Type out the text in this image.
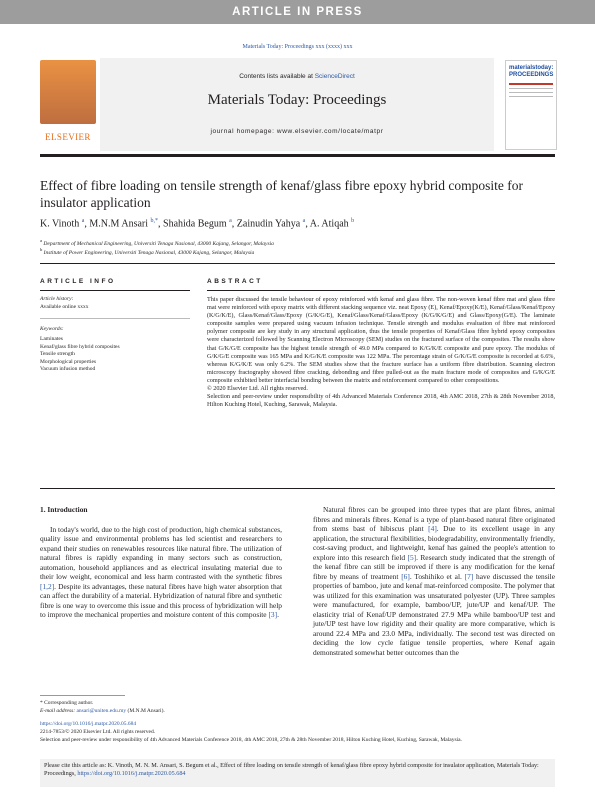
ARTICLE IN PRESS
Materials Today: Proceedings xxx (xxxx) xxx
Contents lists available at ScienceDirect
Materials Today: Proceedings
journal homepage: www.elsevier.com/locate/matpr
ELSEVIER
materialstoday: PROCEEDINGS
Effect of fibre loading on tensile strength of kenaf/glass fibre epoxy hybrid composite for insulator application
K. Vinoth $^a$, M.N.M Ansari $^{b,*}$, Shahida Begum $^a$, Zainudin Yahya $^a$, A. Atiqah $^b$
$^a$ Department of Mechanical Engineering, Universiti Tenaga Nasional, 43000 Kajang, Selangor, Malaysia
$^b$ Institute of Power Engineering, Universiti Tenaga Nasional, 43000 Kajang, Selangor, Malaysia
ARTICLE INFO	ABSTRACT
Article history:
Available online xxxx
Keywords:
Laminates
Kenaf/glass fibre hybrid composites
Tensile strength
Morphological properties
Vacuum infusion method

This paper discussed the tensile behaviour of epoxy reinforced with kenaf and glass fibre. The non-woven kenaf fibre mat and glass fibre mat were reinforced with epoxy matrix with different stacking sequence viz. neat Epoxy (E), Kenaf/Epoxy(K/E), Kenaf/Glass/Kenaf/Epoxy (K/G/K/E), Glass/Kenaf/Glass/Epoxy (G/K/G/E), Kenaf/Glass/Kenaf/Glass/Epoxy (K/G/K/G/E) and Glass/Epoxy(G/E). The laminate composite samples were prepared using vacuum infusion technique. Tensile strength and modulus evaluation of fibre mat reinforced polymer composite are key study in any structural application, thus the tensile properties of Kenaf/Glass fibre hybrid epoxy composites were characterized followed by Scanning Electron Microscopy (SEM) studies on the fractured surface of the composites. The results show that G/K/G/E composite has the highest tensile strength of 49.0 MPa compared to K/G/K/E composite and pure epoxy. The modulus of G/K/G/E composite was 165 MPa and K/G/K/E composite was 122 MPa. The percentage strain of G/K/G/E composite is recorded at 6.6%, whereas K/G/K/E was only 6.2%. The SEM studies show that the fracture surface has a uniform fibre distribution. Scanning electron microscopy fractography showed fibre cracking, debonding and fibre pulled-out as the main fracture mode of composites and G/K/G/E composite exhibited better interfacial bonding between the matrix and reinforcement compared to other compositions.

© 2020 Elsevier Ltd. All rights reserved.

Selection and peer-review under responsibility of 4th Advanced Materials Conference 2018, 4th AMC 2018, 27th & 28th November 2018, Hilton Kuching Hotel, Kuching, Sarawak, Malaysia.

1. Introduction

In today's world, due to the high cost of production, high chemical substances, quality issue and environmental problems has led scientist and researchers to expand their studies on renewables resources like natural fibre. The utilization of natural fibres is rapidly expanding in many sectors such as construction, automation, household appliances and as electrical insulating material due to their low weight, economical and less harm contrasted with the synthetic fibres [1,2]. Despite its advantages, these natural fibres have high water absorption that can affect the durability of a material. Hybridization of natural fibre and synthetic fibre is one way to overcome this issue and this process of hybridization will help to improve the mechanical properties and moisture content of this composite [3].

Natural fibres can be grouped into three types that are plant fibres, animal fibres and minerals fibres. Kenaf is a type of plant-based natural fibre originated from stems bast of hibiscus plant [4]. Due to its excellent usage in any application, the structural flexibilities, biodegradability, environmentally friendly, cost-saving product, and lightweight, kenaf has gained the people's attention to explore into this research field [5]. Research study indicated that the strength of the kenaf fibre can still be improved if there is any modification for the kenaf fibre by means of treatment [6]. Toshihiko et al. [7] have discussed the tensile properties of bamboo, jute and kenaf mat-reinforced composite. The polymer that was utilized for this examination was unsaturated polyester (UP). Three samples were manufactured, for example, bamboo/UP, jute/UP and kenaf/UP. The elasticity trial of Kenaf/UP demonstrated 27.9 MPa while bamboo/UP test and jute/UP test have low rigidity and their quality are more comparative, which is around 22.4 MPa and 23.0 MPa, individually. The second test was directed on deciding the low cycle fatigue tensile properties, where Kenaf again demonstrated somewhat better outcomes than the

* Corresponding author.
E-mail address: ansari@uniten.edu.my (M.N.M Ansari).
https://doi.org/10.1016/j.matpr.2020.05.684
2214-7853/© 2020 Elsevier Ltd. All rights reserved.
Selection and peer-review under responsibility of 4th Advanced Materials Conference 2018, 4th AMC 2018, 27th & 28th November 2018, Hilton Kuching Hotel, Kuching, Sarawak, Malaysia.
Please cite this article as: K. Vinoth, M. N. M. Ansari, S. Begum et al., Effect of fibre loading on tensile strength of kenaf/glass fibre epoxy hybrid composite for insulator application, Materials Today: Proceedings, https://doi.org/10.1016/j.matpr.2020.05.684
